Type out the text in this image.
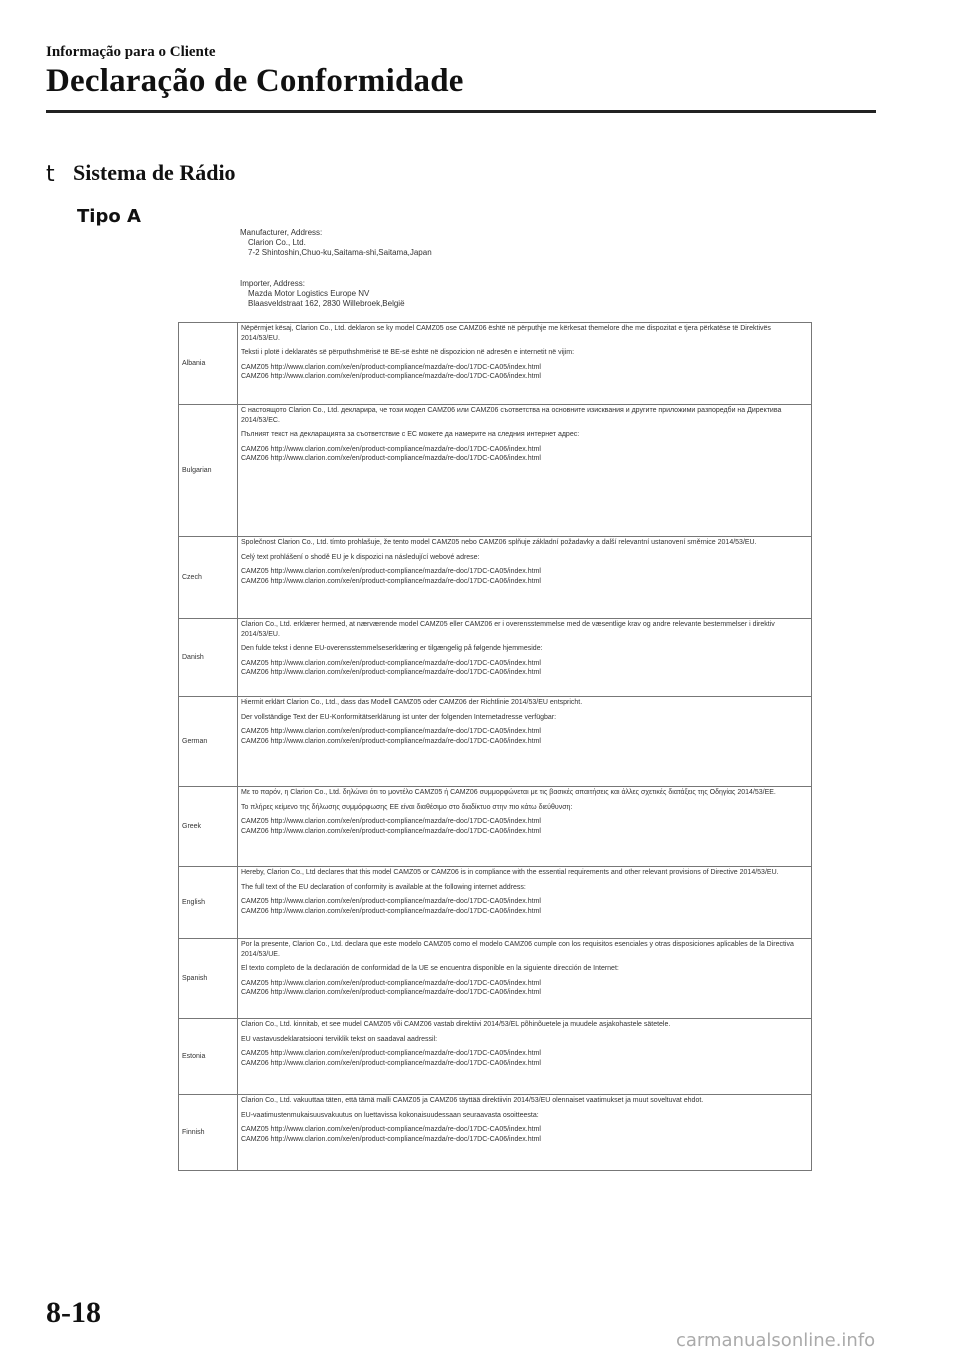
Informação para o Cliente
Declaração de Conformidade
t Sistema de Rádio
Tipo A
Manufacturer, Address:
Clarion Co., Ltd.
7-2 Shintoshin,Chuo-ku,Saitama-shi,Saitama,Japan
Importer, Address:
Mazda Motor Logistics Europe NV
Blaasveldstraat 162, 2830 Willebroek,België
Albania	Nëpërmjet kësaj, Clarion Co., Ltd. deklaron se ky model CAMZ05 ose CAMZ06 është në përputhje me kërkesat themelore dhe me dispozitat e tjera përkatëse të Direktivës 2014/53/EU.

Teksti i plotë i deklaratës së përputhshmërisë të BE-së është në dispozicion në adresën e internetit në vijim:

CAMZ05 http://www.clarion.com/xe/en/product-compliance/mazda/re-doc/17DC-CA05/index.html

CAMZ06 http://www.clarion.com/xe/en/product-compliance/mazda/re-doc/17DC-CA06/index.html

Bulgarian	С настоящото Clarion Co., Ltd. декларира, че този модел CAMZ06 или CAMZ06 съответства на основните изисквания и другите приложими разпоредби на Директива 2014/53/ЕС.

Пълният текст на декларацията за съответствие с ЕС можете да намерите на следния интернет адрес:

CAMZ06 http://www.clarion.com/xe/en/product-compliance/mazda/re-doc/17DC-CA06/index.html

CAMZ06 http://www.clarion.com/xe/en/product-compliance/mazda/re-doc/17DC-CA06/index.html

Czech	Společnost Clarion Co., Ltd. tímto prohlašuje, že tento model CAMZ05 nebo CAMZ06 splňuje základní požadavky a další relevantní ustanovení směrnice 2014/53/EU.

Celý text prohlášení o shodě EU je k dispozici na následující webové adrese:

CAMZ05 http://www.clarion.com/xe/en/product-compliance/mazda/re-doc/17DC-CA05/index.html

CAMZ06 http://www.clarion.com/xe/en/product-compliance/mazda/re-doc/17DC-CA06/index.html

Danish	Clarion Co., Ltd. erklærer hermed, at nærværende model CAMZ05 eller CAMZ06 er i overensstemmelse med de væsentlige krav og andre relevante bestemmelser i direktiv 2014/53/EU.

Den fulde tekst i denne EU-overensstemmelseserklæring er tilgængelig på følgende hjemmeside:

CAMZ05 http://www.clarion.com/xe/en/product-compliance/mazda/re-doc/17DC-CA05/index.html

CAMZ06 http://www.clarion.com/xe/en/product-compliance/mazda/re-doc/17DC-CA06/index.html

German	Hiermit erklärt Clarion Co., Ltd., dass das Modell CAMZ05 oder CAMZ06 der Richtlinie 2014/53/EU entspricht.

Der vollständige Text der EU-Konformitätserklärung ist unter der folgenden Internetadresse verfügbar:

CAMZ05 http://www.clarion.com/xe/en/product-compliance/mazda/re-doc/17DC-CA05/index.html

CAMZ06 http://www.clarion.com/xe/en/product-compliance/mazda/re-doc/17DC-CA06/index.html

Greek	Με το παρόν, η Clarion Co., Ltd. δηλώνει ότι το μοντέλο CAMZ05 ή CAMZ06 συμμορφώνεται με τις βασικές απαιτήσεις και άλλες σχετικές διατάξεις της Οδηγίας 2014/53/ΕΕ.

Το πλήρες κείμενο της δήλωσης συμμόρφωσης ΕΕ είναι διαθέσιμο στο διαδίκτυο στην πιο κάτω διεύθυνση:

CAMZ05 http://www.clarion.com/xe/en/product-compliance/mazda/re-doc/17DC-CA05/index.html

CAMZ06 http://www.clarion.com/xe/en/product-compliance/mazda/re-doc/17DC-CA06/index.html

English	Hereby, Clarion Co., Ltd declares that this model CAMZ05 or CAMZ06 is in compliance with the essential requirements and other relevant provisions of Directive 2014/53/EU.

The full text of the EU declaration of conformity is available at the following internet address:

CAMZ05 http://www.clarion.com/xe/en/product-compliance/mazda/re-doc/17DC-CA05/index.html

CAMZ06 http://www.clarion.com/xe/en/product-compliance/mazda/re-doc/17DC-CA06/index.html

Spanish	Por la presente, Clarion Co., Ltd. declara que este modelo CAMZ05 como el modelo CAMZ06 cumple con los requisitos esenciales y otras disposiciones aplicables de la Directiva 2014/53/UE.

El texto completo de la declaración de conformidad de la UE se encuentra disponible en la siguiente dirección de Internet:

CAMZ05 http://www.clarion.com/xe/en/product-compliance/mazda/re-doc/17DC-CA05/index.html

CAMZ06 http://www.clarion.com/xe/en/product-compliance/mazda/re-doc/17DC-CA06/index.html

Estonia	Clarion Co., Ltd. kinnitab, et see mudel CAMZ05 või CAMZ06 vastab direktiivi 2014/53/EL põhinõuetele ja muudele asjakohastele sätetele.

EU vastavusdeklaratsiooni terviklik tekst on saadaval aadressil:

CAMZ05 http://www.clarion.com/xe/en/product-compliance/mazda/re-doc/17DC-CA05/index.html

CAMZ06 http://www.clarion.com/xe/en/product-compliance/mazda/re-doc/17DC-CA06/index.html

Finnish	Clarion Co., Ltd. vakuuttaa täten, että tämä malli CAMZ05 ja CAMZ06 täyttää direktiivin 2014/53/EU olennaiset vaatimukset ja muut soveltuvat ehdot.

EU-vaatimustenmukaisuusvakuutus on luettavissa kokonaisuudessaan seuraavasta osoitteesta:

CAMZ05 http://www.clarion.com/xe/en/product-compliance/mazda/re-doc/17DC-CA05/index.html

CAMZ06 http://www.clarion.com/xe/en/product-compliance/mazda/re-doc/17DC-CA06/index.html

8-18
carmanualsonline.info
